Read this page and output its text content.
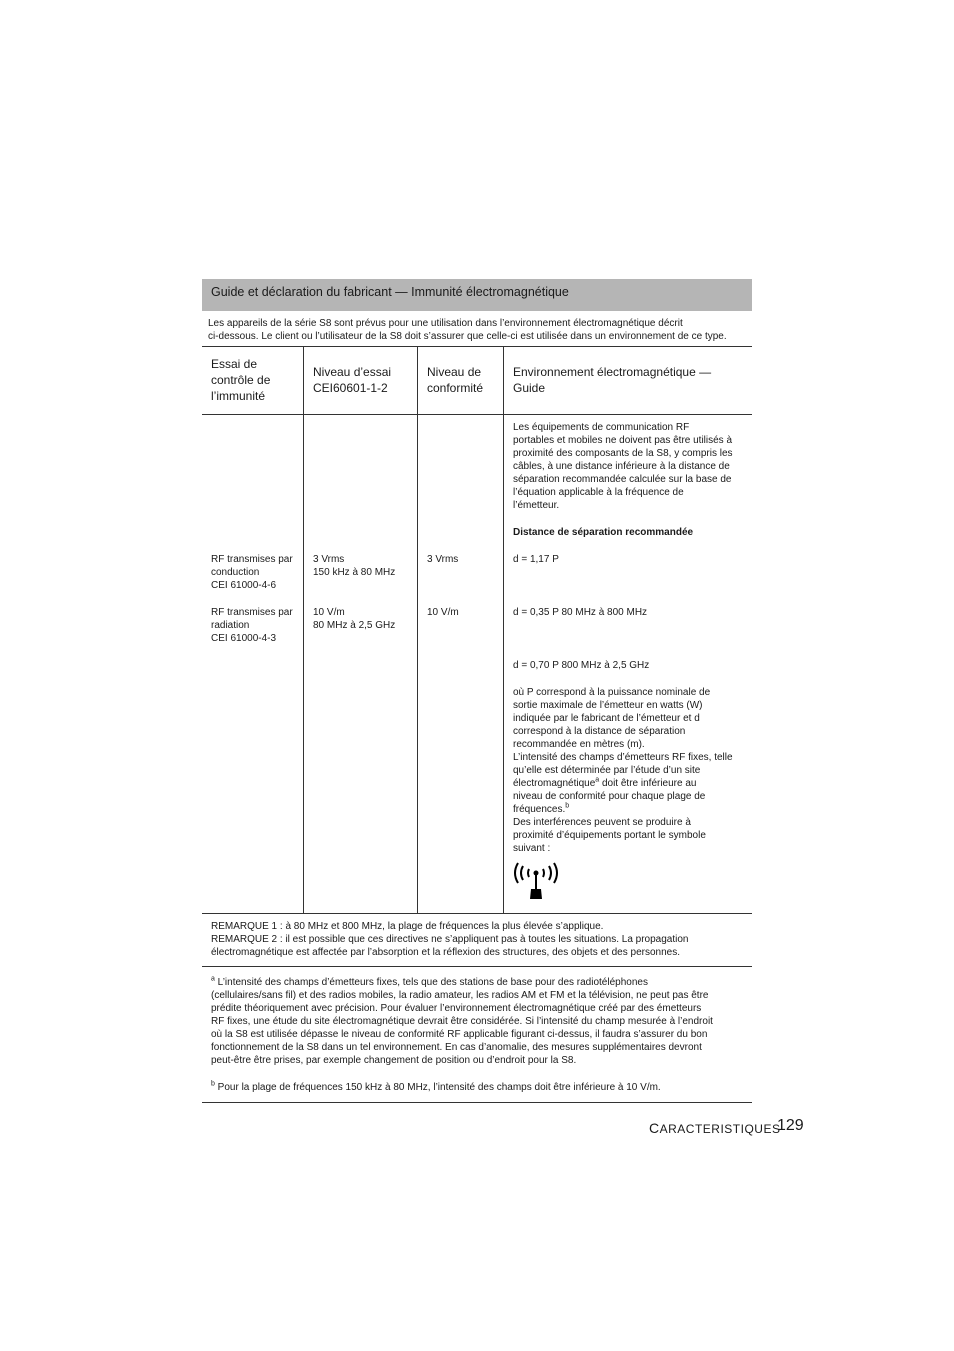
Guide et déclaration du fabricant — Immunité électromagnétique
Les appareils de la série S8 sont prévus pour une utilisation dans l’environnement électromagnétique décrit
ci-dessous. Le client ou l’utilisateur de la S8 doit s’assurer que celle-ci est utilisée dans un environnement de ce type.
Essai de
contrôle de
l’immunité
Niveau d’essai
CEI60601-1-2
Niveau de
conformité
Environnement électromagnétique —
Guide
Les équipements de communication RF
portables et mobiles ne doivent pas être utilisés à
proximité des composants de la S8, y compris les
câbles, à une distance inférieure à la distance de
séparation recommandée calculée sur la base de
l’équation applicable à la fréquence de
l’émetteur.
Distance de séparation recommandée
RF transmises par
conduction
CEI 61000-4-6
3 Vrms
150 kHz à 80 MHz
3 Vrms	d = 1,17 P
RF transmises par
radiation
CEI 61000-4-3
10 V/m
80 MHz à 2,5 GHz
10 V/m	d = 0,35 P 80 MHz à 800 MHz
d = 0,70 P 800 MHz à 2,5 GHz
où P correspond à la puissance nominale de
sortie maximale de l’émetteur en watts (W)
indiquée par le fabricant de l’émetteur et d
correspond à la distance de séparation
recommandée en mètres (m).
L’intensité des champs d’émetteurs RF fixes, telle
qu’elle est déterminée par l’étude d’un site
électromagnétique$^a$ doit être inférieure au
niveau de conformité pour chaque plage de
fréquences.$^b$
Des interférences peuvent se produire à
proximité d’équipements portant le symbole
suivant :
REMARQUE 1 : à 80 MHz et 800 MHz, la plage de fréquences la plus élevée s’applique.
REMARQUE 2 : il est possible que ces directives ne s’appliquent pas à toutes les situations. La propagation
électromagnétique est affectée par l’absorption et la réflexion des structures, des objets et des personnes.
$^a$ L’intensité des champs d’émetteurs fixes, tels que des stations de base pour des radiotéléphones
(cellulaires/sans fil) et des radios mobiles, la radio amateur, les radios AM et FM et la télévision, ne peut pas être
prédite théoriquement avec précision. Pour évaluer l’environnement électromagnétique créé par des émetteurs
RF fixes, une étude du site électromagnétique devrait être considérée. Si l’intensité du champ mesurée à l’endroit
où la S8 est utilisée dépasse le niveau de conformité RF applicable figurant ci-dessus, il faudra s’assurer du bon
fonctionnement de la S8 dans un tel environnement. En cas d’anomalie, des mesures supplémentaires devront
peut-être être prises, par exemple changement de position ou d’endroit pour la S8.
$^b$ Pour la plage de fréquences 150 kHz à 80 MHz, l’intensité des champs doit être inférieure à 10 V/m.
CARACTERISTIQUES
129
